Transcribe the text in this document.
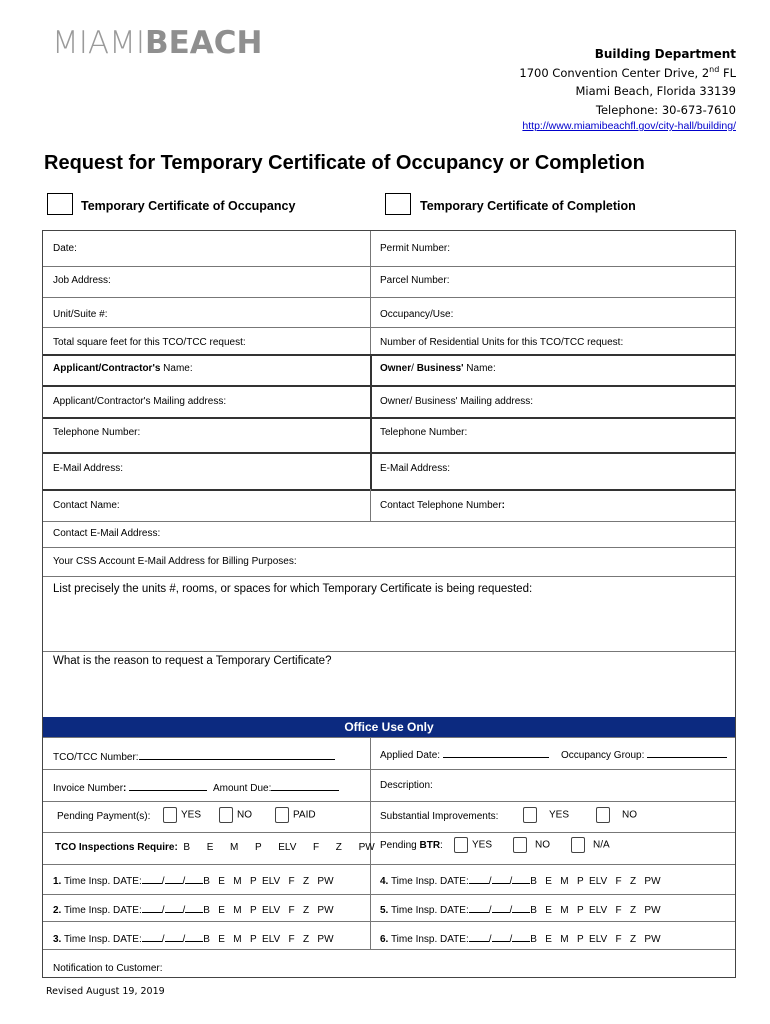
MIAMIBEACH	Building Department
1700 Convention Center Drive, 2nd FL
Miami Beach, Florida 33139
Telephone: 30-673-7610
http://www.miamibeachfl.gov/city-hall/building/
Request for Temporary Certificate of Occupancy or Completion
Temporary Certificate of Occupancy	Temporary Certificate of Completion
Date:	Permit Number:
Job Address:	Parcel Number:
Unit/Suite #:	Occupancy/Use:
Total square feet for this TCO/TCC request:	Number of Residential Units for this TCO/TCC request:
Applicant/Contractor's Name:	Owner/ Business' Name:
Applicant/Contractor's Mailing address:	Owner/ Business' Mailing address:
Telephone Number:	Telephone Number:
E-Mail Address:	E-Mail Address:
Contact Name:	Contact Telephone Number:
Contact E-Mail Address:
Your CSS Account E-Mail Address for Billing Purposes:
List precisely the units #, rooms, or spaces for which Temporary Certificate is being requested:
What is the reason to request a Temporary Certificate?
Office Use Only
TCO/TCC Number:	Applied Date:	Occupancy Group:
Invoice Number:	Amount Due:	Description:
Pending Payment(s):	YES	NO	PAID	Substantial Improvements:	YES	NO
TCO Inspections Require: B      E      M      P      ELV      F      Z      PW Pending BTR:	YES	NO	N/A
1. Time Insp. DATE: / / B   E   M   P  ELV   F   Z   PW	4. Time Insp. DATE: / / B   E   M   P  ELV   F   Z   PW
2. Time Insp. DATE: / / B   E   M   P  ELV   F   Z   PW	5. Time Insp. DATE: / / B   E   M   P  ELV   F   Z   PW
3. Time Insp. DATE: / / B   E   M   P  ELV   F   Z   PW	6. Time Insp. DATE: / / B   E   M   P  ELV   F   Z   PW
Notification to Customer:
Revised August 19, 2019
